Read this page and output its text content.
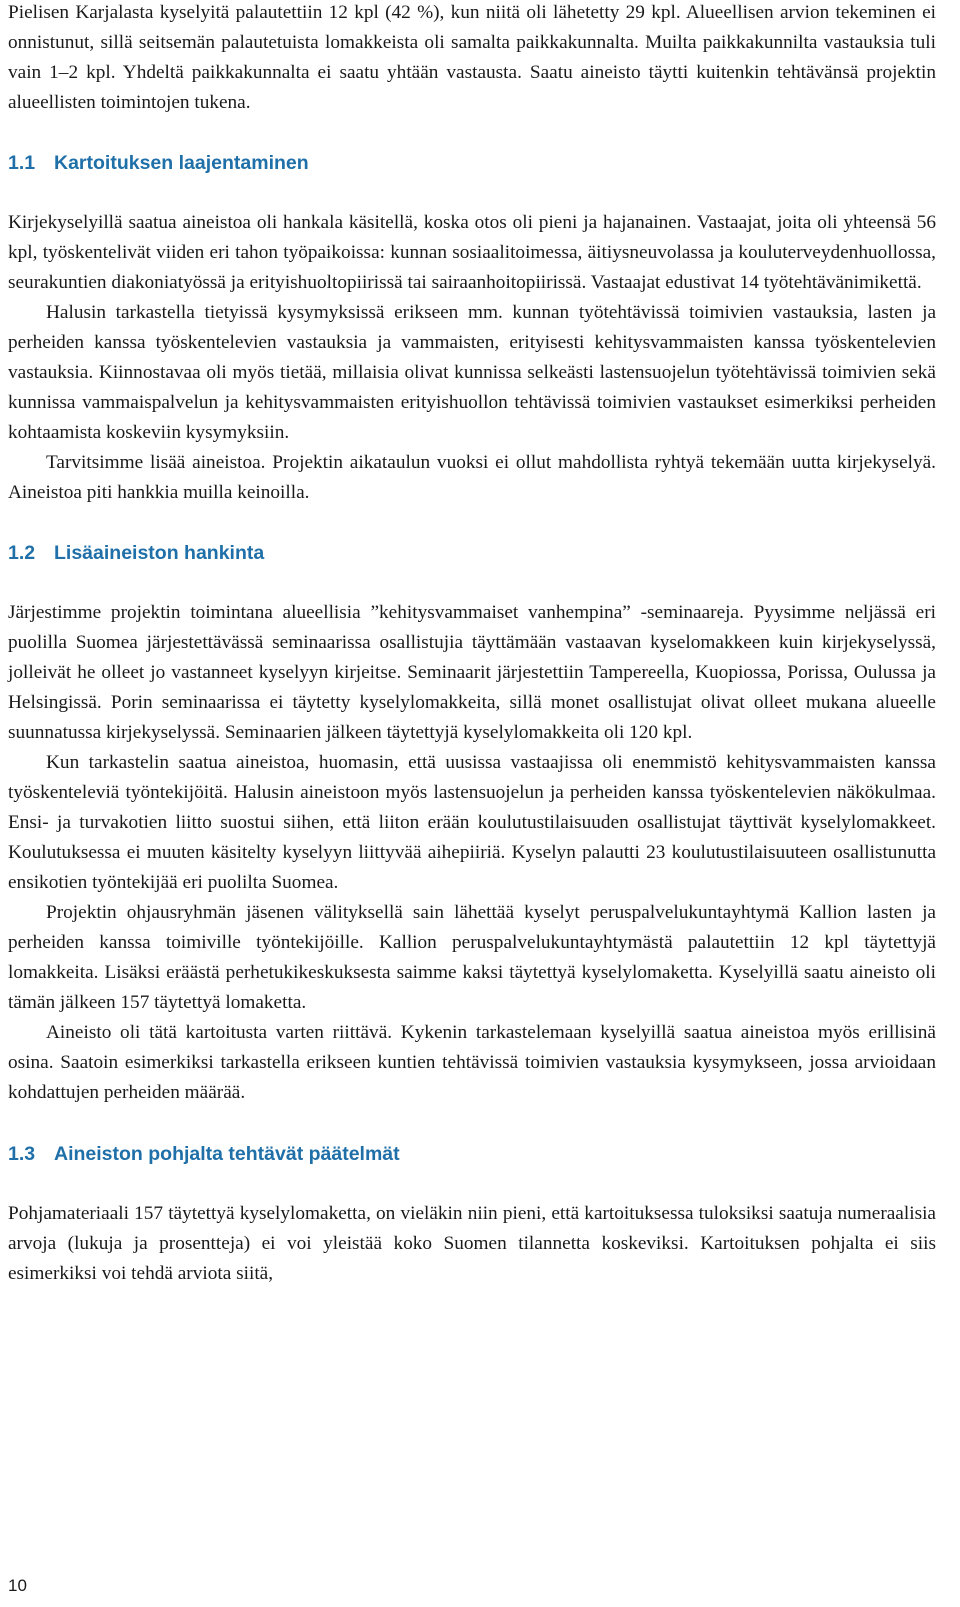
Pielisen Karjalasta kyselyitä palautettiin 12 kpl (42 %), kun niitä oli lähetetty 29 kpl. Alueellisen arvion tekeminen ei onnistunut, sillä seitsemän palautetuista lomakkeista oli samalta paikkakunnalta. Muilta paikkakunnilta vastauksia tuli vain 1–2 kpl. Yhdeltä paikkakunnalta ei saatu yhtään vastausta. Saatu aineisto täytti kuitenkin tehtävänsä projektin alueellisten toimintojen tukena.

1.1 Kartoituksen laajentaminen

Kirjekyselyillä saatua aineistoa oli hankala käsitellä, koska otos oli pieni ja hajanainen. Vastaajat, joita oli yhteensä 56 kpl, työskentelivät viiden eri tahon työpaikoissa: kunnan sosiaalitoimessa, äitiysneuvolassa ja kouluterveydenhuollossa, seurakuntien diakoniatyössä ja erityishuoltopiirissä tai sairaanhoitopiirissä. Vastaajat edustivat 14 työtehtävänimikettä.

Halusin tarkastella tietyissä kysymyksissä erikseen mm. kunnan työtehtävissä toimivien vastauksia, lasten ja perheiden kanssa työskentelevien vastauksia ja vammaisten, erityisesti kehitysvammaisten kanssa työskentelevien vastauksia. Kiinnostavaa oli myös tietää, millaisia olivat kunnissa selkeästi lastensuojelun työtehtävissä toimivien sekä kunnissa vammaispalvelun ja kehitysvammaisten erityishuollon tehtävissä toimivien vastaukset esimerkiksi perheiden kohtaamista koskeviin kysymyksiin.

Tarvitsimme lisää aineistoa. Projektin aikataulun vuoksi ei ollut mahdollista ryhtyä tekemään uutta kirjekyselyä. Aineistoa piti hankkia muilla keinoilla.

1.2 Lisäaineiston hankinta

Järjestimme projektin toimintana alueellisia ”kehitysvammaiset vanhempina” -seminaareja. Pyysimme neljässä eri puolilla Suomea järjestettävässä seminaarissa osallistujia täyttämään vastaavan kyselomakkeen kuin kirjekyselyssä, jolleivät he olleet jo vastanneet kyselyyn kirjeitse. Seminaarit järjestettiin Tampereella, Kuopiossa, Porissa, Oulussa ja Helsingissä. Porin seminaarissa ei täytetty kyselylomakkeita, sillä monet osallistujat olivat olleet mukana alueelle suunnatussa kirjekyselyssä. Seminaarien jälkeen täytettyjä kyselylomakkeita oli 120 kpl.

Kun tarkastelin saatua aineistoa, huomasin, että uusissa vastaajissa oli enemmistö kehitysvammaisten kanssa työskenteleviä työntekijöitä. Halusin aineistoon myös lastensuojelun ja perheiden kanssa työskentelevien näkökulmaa. Ensi- ja turvakotien liitto suostui siihen, että liiton erään koulutustilaisuuden osallistujat täyttivät kyselylomakkeet. Koulutuksessa ei muuten käsitelty kyselyyn liittyvää aihepiiriä. Kyselyn palautti 23 koulutustilaisuuteen osallistunutta ensikotien työntekijää eri puolilta Suomea.

Projektin ohjausryhmän jäsenen välityksellä sain lähettää kyselyt peruspalvelukuntayhtymä Kallion lasten ja perheiden kanssa toimiville työntekijöille. Kallion peruspalvelukuntayhtymästä palautettiin 12 kpl täytettyjä lomakkeita. Lisäksi eräästä perhetukikeskuksesta saimme kaksi täytettyä kyselylomaketta. Kyselyillä saatu aineisto oli tämän jälkeen 157 täytettyä lomaketta.

Aineisto oli tätä kartoitusta varten riittävä. Kykenin tarkastelemaan kyselyillä saatua aineistoa myös erillisinä osina. Saatoin esimerkiksi tarkastella erikseen kuntien tehtävissä toimivien vastauksia kysymykseen, jossa arvioidaan kohdattujen perheiden määrää.

1.3 Aineiston pohjalta tehtävät päätelmät

Pohjamateriaali 157 täytettyä kyselylomaketta, on vieläkin niin pieni, että kartoituksessa tuloksiksi saatuja numeraalisia arvoja (lukuja ja prosentteja) ei voi yleistää koko Suomen tilannetta koskeviksi. Kartoituksen pohjalta ei siis esimerkiksi voi tehdä arviota siitä,

10
